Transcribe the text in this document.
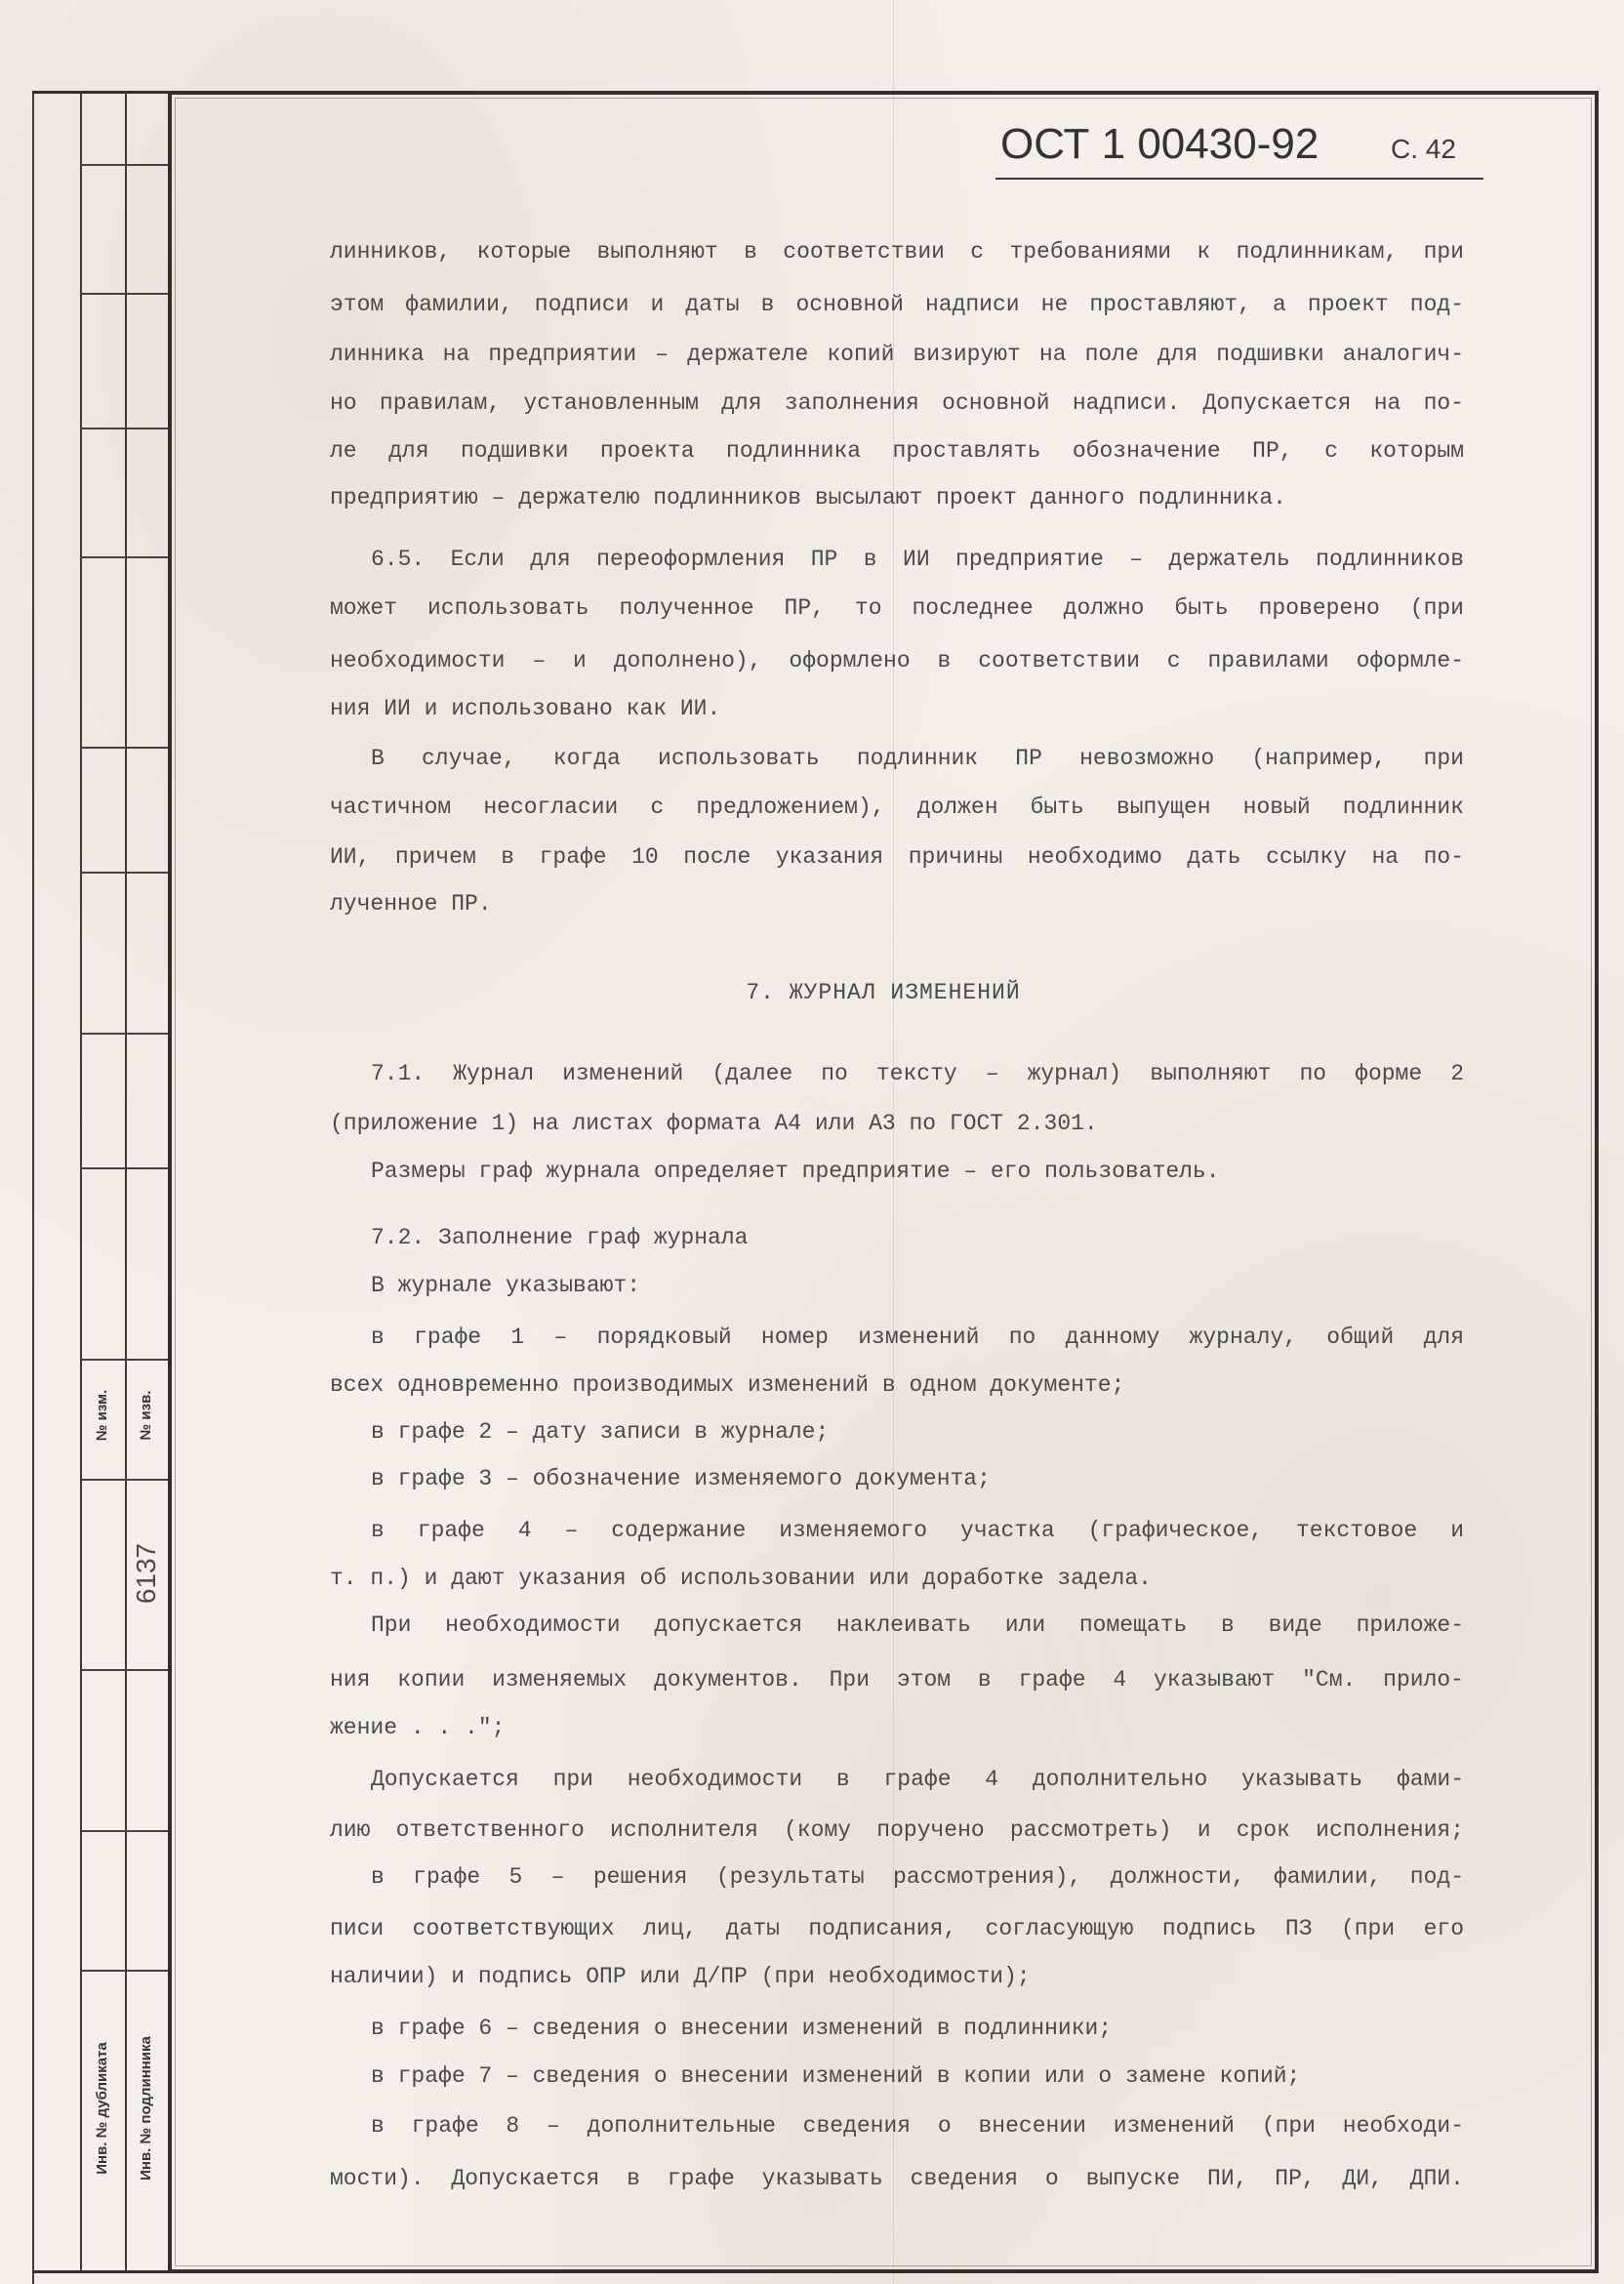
№ изм. № изв.
6137
Инв. № дубликата Инв. № подлинника
ОСТ 1 00430-92	С. 42
линников, которые выполняют в соответствии с требованиями к подлинникам, при
этом фамилии, подписи и даты в основной надписи не проставляют, а проект под-
линника на предприятии – держателе копий визируют на поле для подшивки аналогич-
но правилам, установленным для заполнения основной надписи. Допускается на по-
ле для подшивки проекта подлинника проставлять обозначение ПР, с которым
предприятию – держателю подлинников высылают проект данного подлинника.
6.5. Если для переоформления ПР в ИИ предприятие – держатель подлинников
может использовать полученное ПР, то последнее должно быть проверено (при
необходимости – и дополнено), оформлено в соответствии с правилами оформле-
ния ИИ и использовано как ИИ.
В случае, когда использовать подлинник ПР невозможно (например, при
частичном несогласии с предложением), должен быть выпущен новый подлинник
ИИ, причем в графе 10 после указания причины необходимо дать ссылку на по-
лученное ПР.
7. ЖУРНАЛ ИЗМЕНЕНИЙ
7.1. Журнал изменений (далее по тексту – журнал) выполняют по форме 2
(приложение 1) на листах формата А4 или А3 по ГОСТ 2.301.
Размеры граф журнала определяет предприятие – его пользователь.
7.2. Заполнение граф журнала
В журнале указывают:
в графе 1 – порядковый номер изменений по данному журналу, общий для
всех одновременно производимых изменений в одном документе;
в графе 2 – дату записи в журнале;
в графе 3 – обозначение изменяемого документа;
в графе 4 – содержание изменяемого участка (графическое, текстовое и
т. п.) и дают указания об использовании или доработке задела.
При необходимости допускается наклеивать или помещать в виде приложе-
ния копии изменяемых документов. При этом в графе 4 указывают "См. прило-
жение . . .";
Допускается при необходимости в графе 4 дополнительно указывать фами-
лию ответственного исполнителя (кому поручено рассмотреть) и срок исполнения;
в графе 5 – решения (результаты рассмотрения), должности, фамилии, под-
писи соответствующих лиц, даты подписания, согласующую подпись ПЗ (при его
наличии) и подпись ОПР или Д/ПР (при необходимости);
в графе 6 – сведения о внесении изменений в подлинники;
в графе 7 – сведения о внесении изменений в копии или о замене копий;
в графе 8 – дополнительные сведения о внесении изменений (при необходи-
мости). Допускается в графе указывать сведения о выпуске ПИ, ПР, ДИ, ДПИ.
